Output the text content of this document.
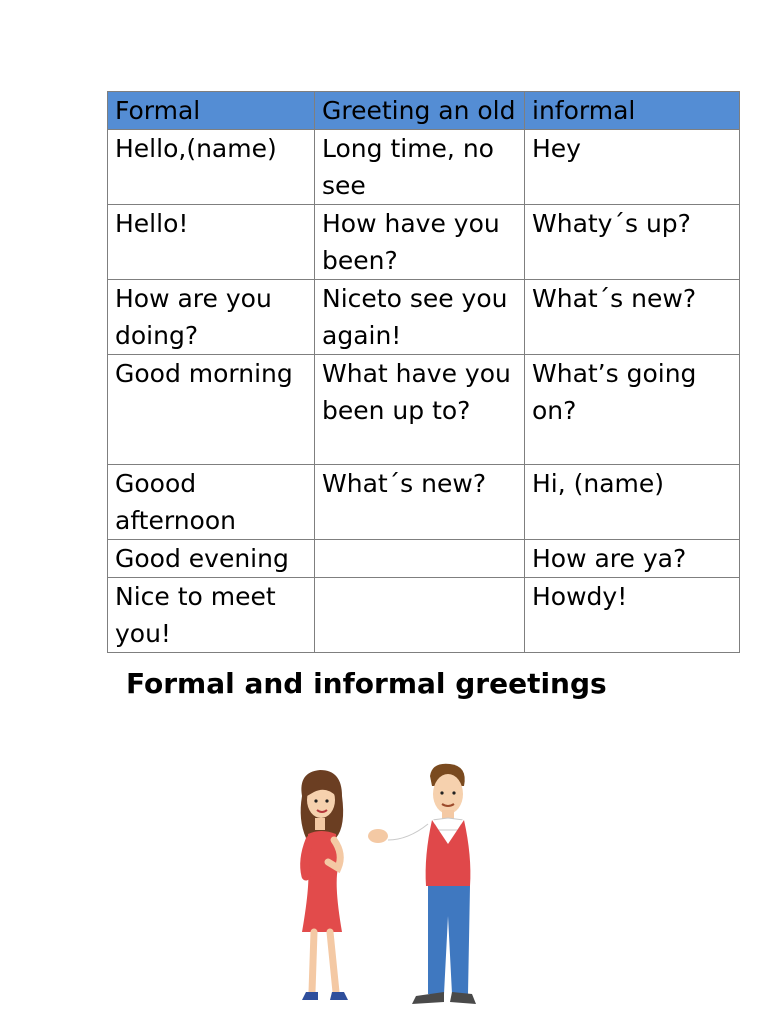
Formal	Greeting an old	informal
Hello,(name)	Long time, no see	Hey
Hello!	How have you been?	Whaty´s up?
How are you doing?	Niceto see you again!	What´s new?
Good morning	What have you been up to?	What’s going on?
Goood afternoon	What´s new?	Hi, (name)
Good evening		How are ya?
Nice to meet you!		Howdy!

Formal and informal greetings
